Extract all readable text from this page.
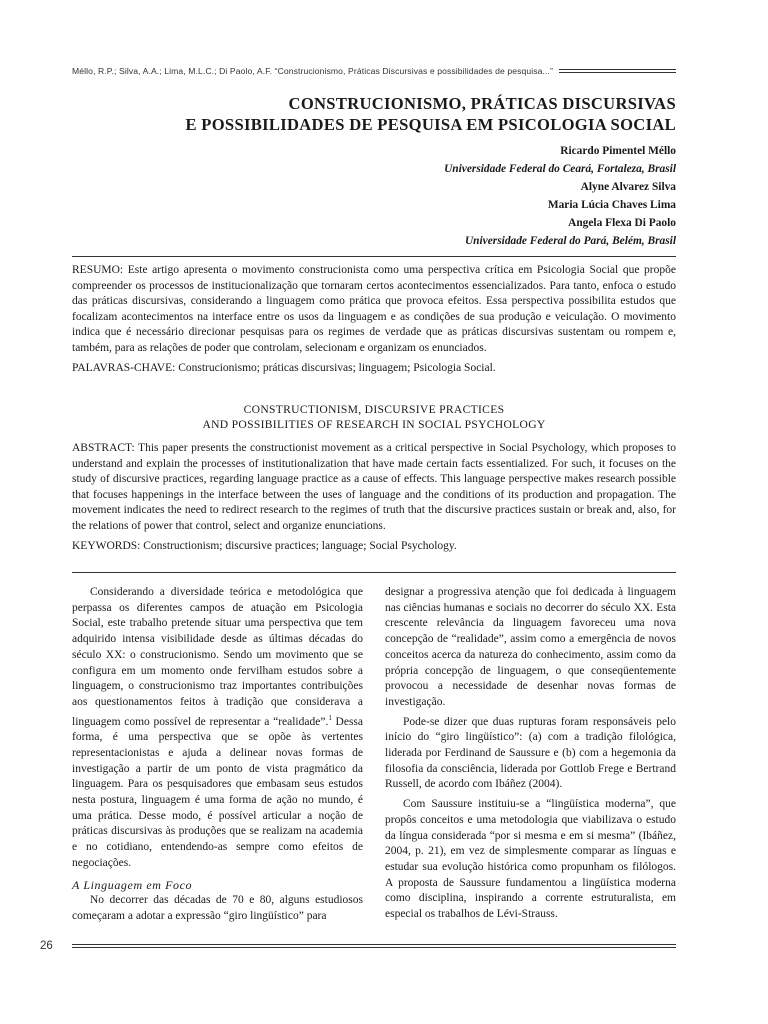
Méllo, R.P.; Silva, A.A.; Lima, M.L.C.; Di Paolo, A.F. “Construcionismo, Práticas Discursivas e possibilidades de pesquisa...”
CONSTRUCIONISMO, PRÁTICAS DISCURSIVAS
E POSSIBILIDADES DE PESQUISA EM PSICOLOGIA SOCIAL
Ricardo Pimentel Méllo
Universidade Federal do Ceará, Fortaleza, Brasil
Alyne Alvarez Silva
Maria Lúcia Chaves Lima
Angela Flexa Di Paolo
Universidade Federal do Pará, Belém, Brasil

RESUMO: Este artigo apresenta o movimento construcionista como uma perspectiva crítica em Psicologia Social que propõe compreender os processos de institucionalização que tornaram certos acontecimentos essencializados. Para tanto, enfoca o estudo das práticas discursivas, considerando a linguagem como prática que provoca efeitos. Essa perspectiva possibilita estudos que focalizam acontecimentos na interface entre os usos da linguagem e as condições de sua produção e veiculação. O movimento indica que é necessário direcionar pesquisas para os regimes de verdade que as práticas discursivas sustentam ou rompem e, também, para as relações de poder que controlam, selecionam e organizam os enunciados.

PALAVRAS-CHAVE: Construcionismo; práticas discursivas; linguagem; Psicologia Social.

CONSTRUCTIONISM, DISCURSIVE PRACTICES
AND POSSIBILITIES OF RESEARCH IN SOCIAL PSYCHOLOGY

ABSTRACT: This paper presents the constructionist movement as a critical perspective in Social Psychology, which proposes to understand and explain the processes of institutionalization that have made certain facts essentialized. For such, it focuses on the study of discursive practices, regarding language practice as a cause of effects. This language perspective makes research possible that focuses happenings in the interface between the uses of language and the conditions of its production and propagation. The movement indicates the need to redirect research to the regimes of truth that the discursive practices sustain or break and, also, for the relations of power that control, select and organize enunciations.

KEYWORDS: Constructionism; discursive practices; language; Social Psychology.

Considerando a diversidade teórica e metodológica que perpassa os diferentes campos de atuação em Psicologia Social, este trabalho pretende situar uma perspectiva que tem adquirido intensa visibilidade desde as últimas décadas do século XX: o construcionismo. Sendo um movimento que se configura em um momento onde fervilham estudos sobre a linguagem, o construcionismo traz importantes contribuições aos questionamentos feitos à tradição que considerava a linguagem como possível de representar a “realidade”.$^1$ Dessa forma, é uma perspectiva que se opõe às vertentes representacionistas e ajuda a delinear novas formas de investigação a partir de um ponto de vista pragmático da linguagem. Para os pesquisadores que embasam seus estudos nesta postura, linguagem é uma forma de ação no mundo, é uma prática. Desse modo, é possível articular a noção de práticas discursivas às produções que se realizam na academia e no cotidiano, entendendo-as sempre como efeitos de negociações.

A Linguagem em Foco

No decorrer das décadas de 70 e 80, alguns estudiosos começaram a adotar a expressão “giro lingüístico” para

designar a progressiva atenção que foi dedicada à linguagem nas ciências humanas e sociais no decorrer do século XX. Esta crescente relevância da linguagem favoreceu uma nova concepção de “realidade”, assim como a emergência de novos conceitos acerca da natureza do conhecimento, assim como da própria concepção de linguagem, o que conseqüentemente provocou a necessidade de desenhar novas formas de investigação.

Pode-se dizer que duas rupturas foram responsáveis pelo início do “giro lingüístico”: (a) com a tradição filológica, liderada por Ferdinand de Saussure e (b) com a hegemonia da filosofia da consciência, liderada por Gottlob Frege e Bertrand Russell, de acordo com Ibáñez (2004).

Com Saussure instituiu-se a “lingüística moderna”, que propôs conceitos e uma metodologia que viabilizava o estudo da língua considerada “por si mesma e em si mesma” (Ibáñez, 2004, p. 21), em vez de simplesmente comparar as línguas e estudar sua evolução histórica como propunham os filólogos. A proposta de Saussure fundamentou a lingüística moderna como disciplina, inspirando a corrente estruturalista, em especial os trabalhos de Lévi-Strauss.

26
